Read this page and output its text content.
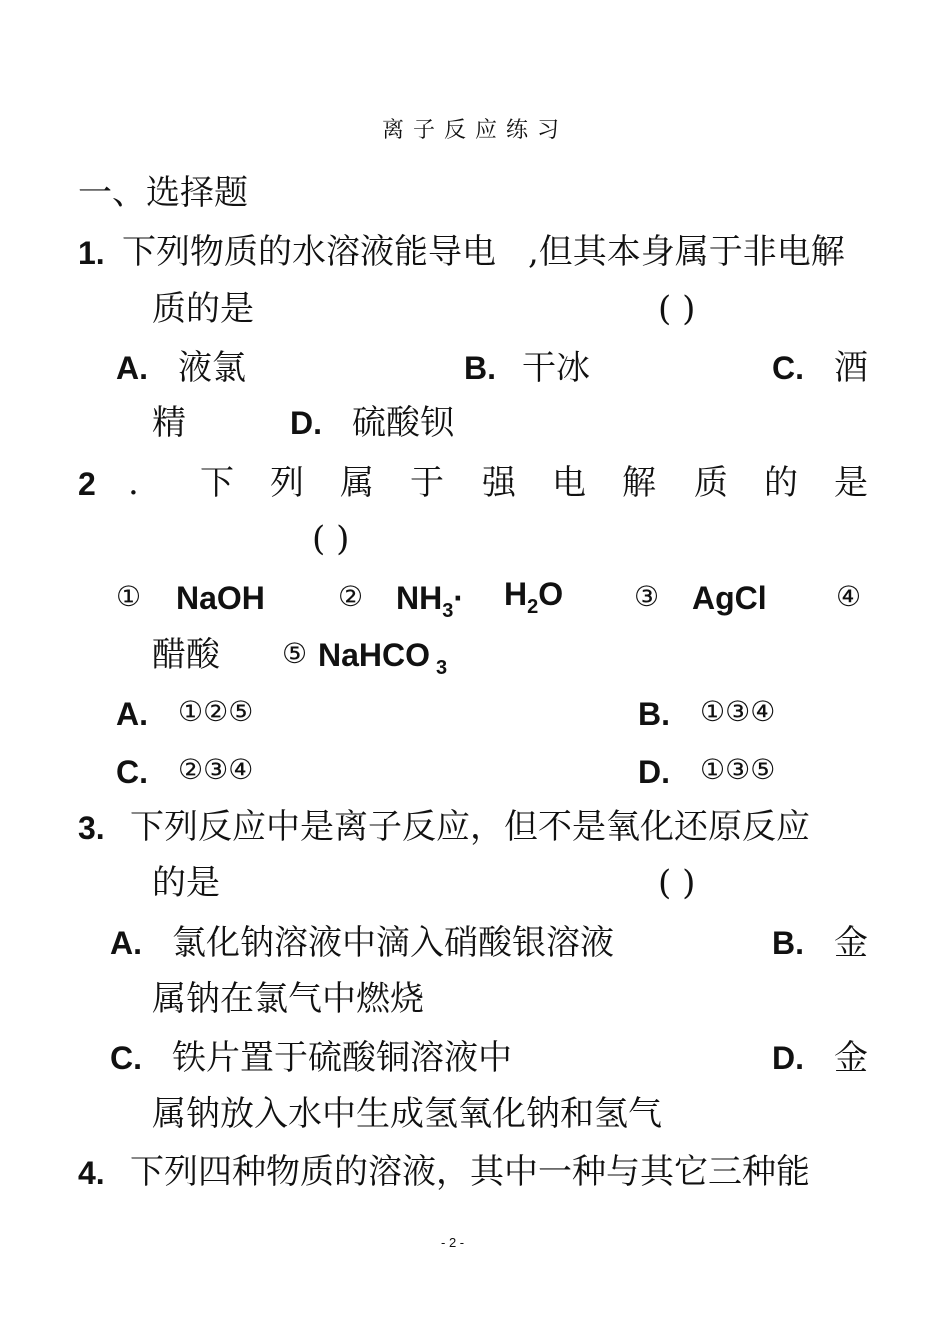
离子反应练习
一、选择题
1. 下列物质的水溶液能导电 ,但其本身属于非电解
质的是	( )
A. 液氯	B. 干冰	C. 酒
精	D. 硫酸钡
2 . 下 列 属 于 强 电 解 质 的 是
( )
① NaOH	② $NH_3\cdot H_2O$	③ AgCl ④
醋酸 ⑤ NaHCO $_3$
A. ①②⑤	B. ①③④
C. ②③④	D. ①③⑤
3. 下列反应中是离子反应，但不是氧化还原反应
的是	( )
A. 氯化钠溶液中滴入硝酸银溶液	B. 金
属钠在氯气中燃烧
C. 铁片置于硫酸铜溶液中	D. 金
属钠放入水中生成氢氧化钠和氢气
4. 下列四种物质的溶液，其中一种与其它三种能
- 2 -
